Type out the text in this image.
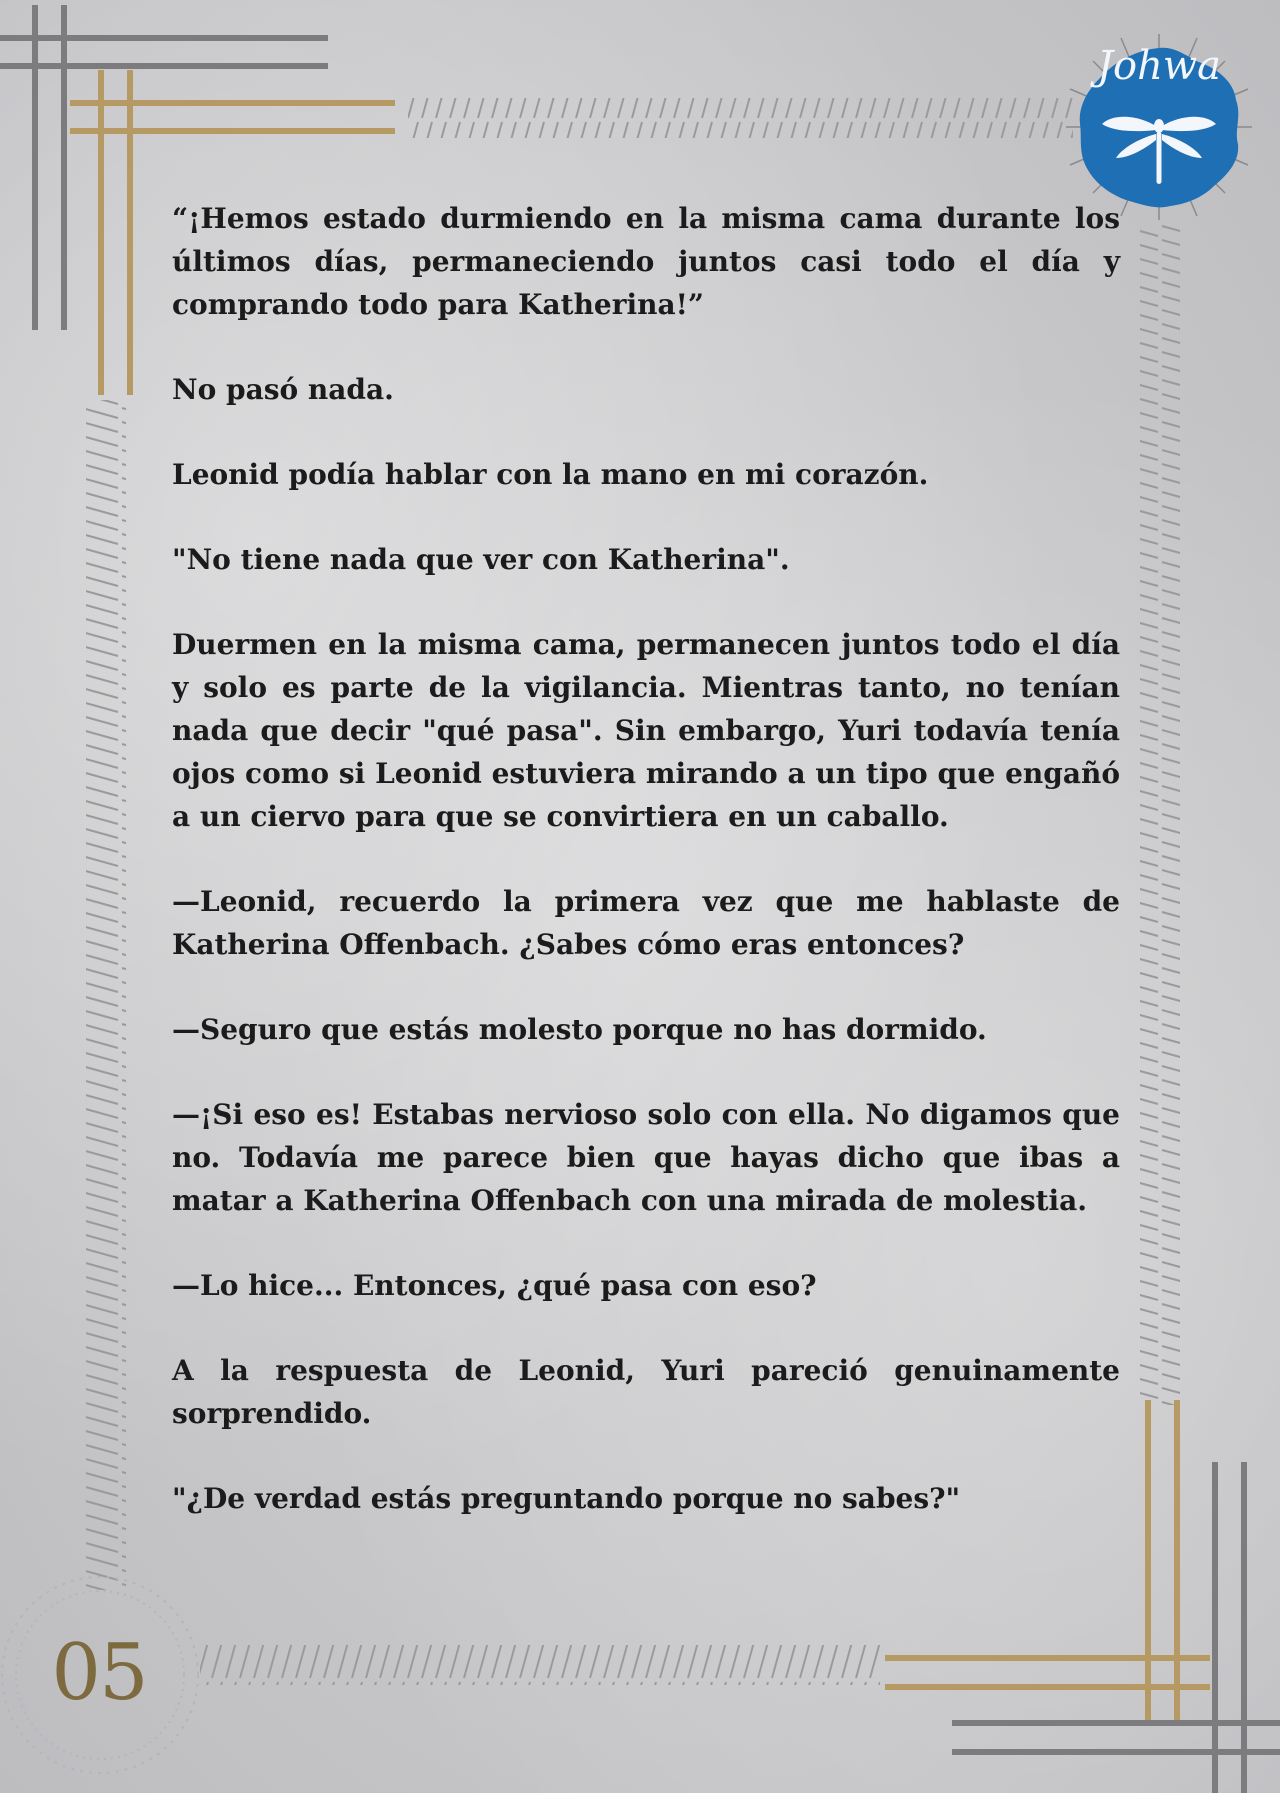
Johwa
05

“¡Hemos estado durmiendo en la misma cama durante los últimos días, permaneciendo juntos casi todo el día y comprando todo para Katherina!”

No pasó nada.

Leonid podía hablar con la mano en mi corazón.

"No tiene nada que ver con Katherina".

Duermen en la misma cama, permanecen juntos todo el día y solo es parte de la vigilancia. Mientras tanto, no tenían nada que decir "qué pasa". Sin embargo, Yuri todavía tenía ojos como si Leonid estuviera mirando a un tipo que engañó a un ciervo para que se convirtiera en un caballo.

—Leonid, recuerdo la primera vez que me hablaste de Katherina Offenbach. ¿Sabes cómo eras entonces?

—Seguro que estás molesto porque no has dormido.

—¡Si eso es! Estabas nervioso solo con ella. No digamos que no. Todavía me parece bien que hayas dicho que ibas a matar a Katherina Offenbach con una mirada de molestia.

—Lo hice... Entonces, ¿qué pasa con eso?

A la respuesta de Leonid, Yuri pareció genuinamente sorprendido.

"¿De verdad estás preguntando porque no sabes?"
